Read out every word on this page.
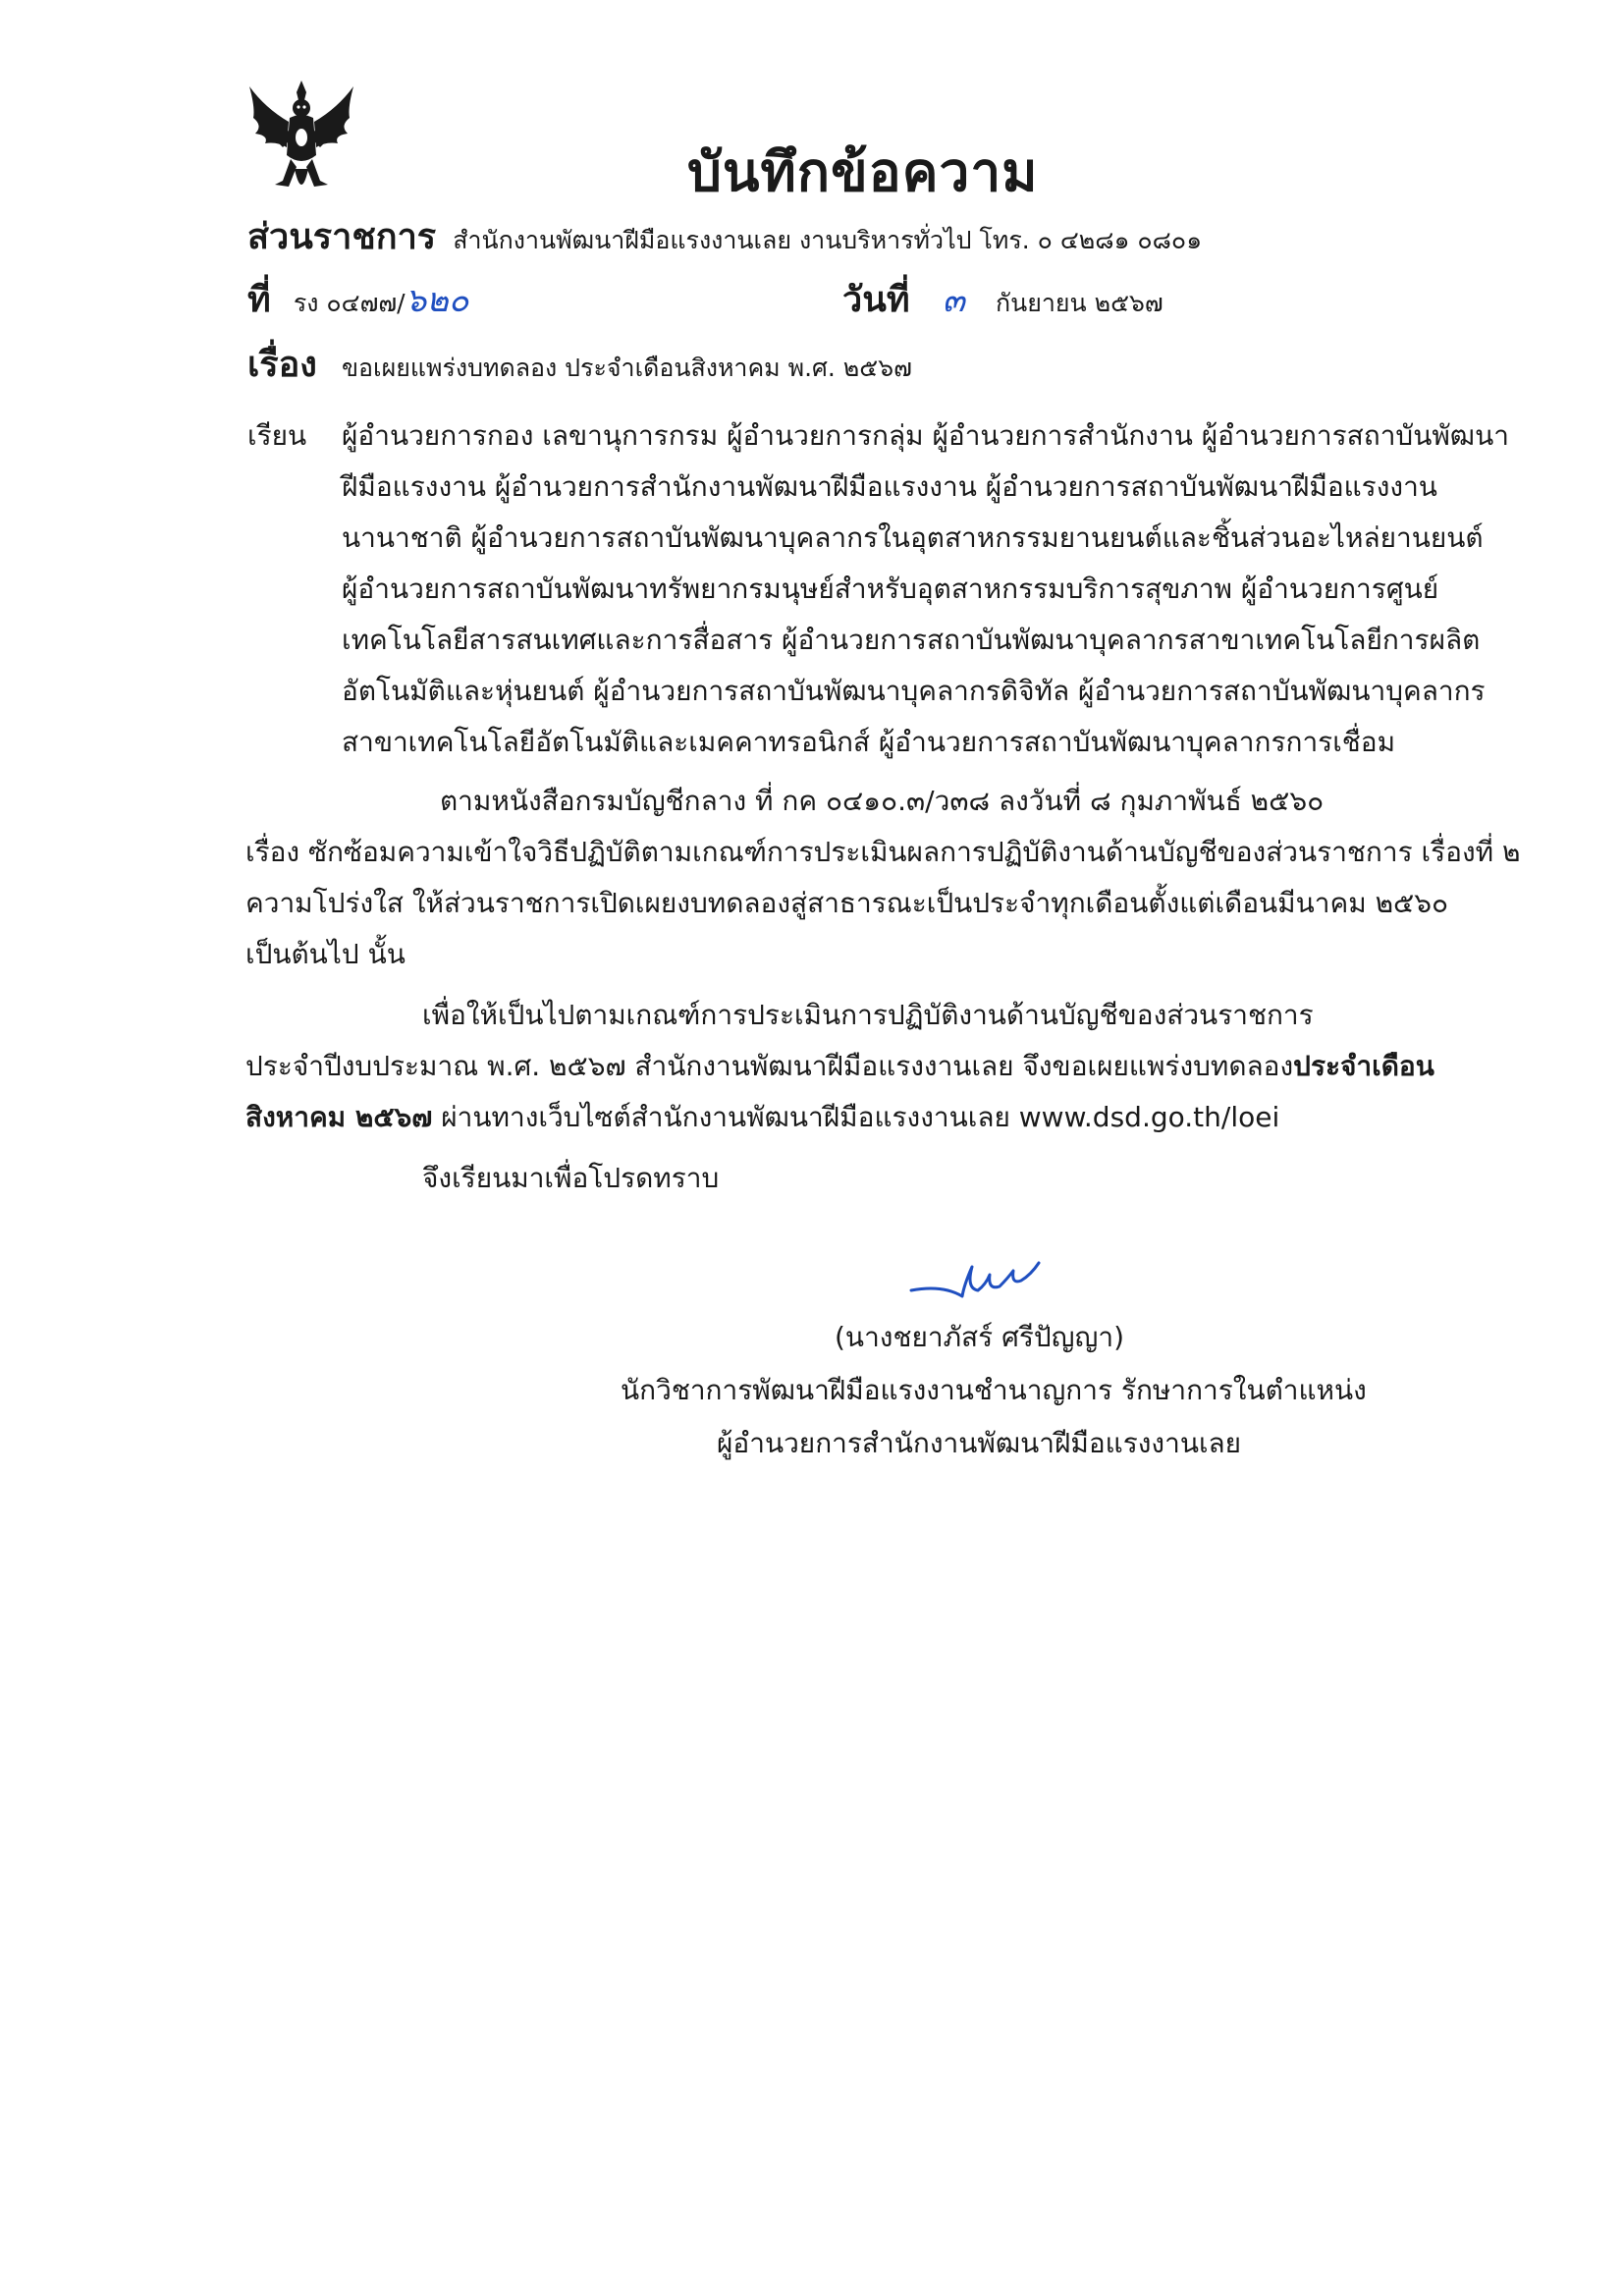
บันทึกข้อความ
ส่วนราชการ สำนักงานพัฒนาฝีมือแรงงานเลย งานบริหารทั่วไป โทร. ๐ ๔๒๘๑ ๐๘๐๑
ที่ รง ๐๔๗๗/๖๒๐	วันที่ ๓ กันยายน ๒๕๖๗
เรื่อง ขอเผยแพร่งบทดลอง ประจำเดือนสิงหาคม พ.ศ. ๒๕๖๗
เรียน ผู้อำนวยการกอง เลขานุการกรม ผู้อำนวยการกลุ่ม ผู้อำนวยการสำนักงาน ผู้อำนวยการสถาบันพัฒนา
ฝีมือแรงงาน ผู้อำนวยการสำนักงานพัฒนาฝีมือแรงงาน ผู้อำนวยการสถาบันพัฒนาฝีมือแรงงาน
นานาชาติ ผู้อำนวยการสถาบันพัฒนาบุคลากรในอุตสาหกรรมยานยนต์และชิ้นส่วนอะไหล่ยานยนต์
ผู้อำนวยการสถาบันพัฒนาทรัพยากรมนุษย์สำหรับอุตสาหกรรมบริการสุขภาพ ผู้อำนวยการศูนย์
เทคโนโลยีสารสนเทศและการสื่อสาร ผู้อำนวยการสถาบันพัฒนาบุคลากรสาขาเทคโนโลยีการผลิต
อัตโนมัติและหุ่นยนต์ ผู้อำนวยการสถาบันพัฒนาบุคลากรดิจิทัล ผู้อำนวยการสถาบันพัฒนาบุคลากร
สาขาเทคโนโลยีอัตโนมัติและเมคคาทรอนิกส์ ผู้อำนวยการสถาบันพัฒนาบุคลากรการเชื่อม
ตามหนังสือกรมบัญชีกลาง ที่ กค ๐๔๑๐.๓/ว๓๘ ลงวันที่ ๘ กุมภาพันธ์ ๒๕๖๐
เรื่อง ซักซ้อมความเข้าใจวิธีปฏิบัติตามเกณฑ์การประเมินผลการปฏิบัติงานด้านบัญชีของส่วนราชการ เรื่องที่ ๒
ความโปร่งใส ให้ส่วนราชการเปิดเผยงบทดลองสู่สาธารณะเป็นประจำทุกเดือนตั้งแต่เดือนมีนาคม ๒๕๖๐
เป็นต้นไป นั้น
เพื่อให้เป็นไปตามเกณฑ์การประเมินการปฏิบัติงานด้านบัญชีของส่วนราชการ
ประจำปีงบประมาณ พ.ศ. ๒๕๖๗ สำนักงานพัฒนาฝีมือแรงงานเลย จึงขอเผยแพร่งบทดลองประจำเดือน
สิงหาคม ๒๕๖๗ ผ่านทางเว็บไซต์สำนักงานพัฒนาฝีมือแรงงานเลย www.dsd.go.th/loei
จึงเรียนมาเพื่อโปรดทราบ
(นางชยาภัสร์ ศรีปัญญา)
นักวิชาการพัฒนาฝีมือแรงงานชำนาญการ รักษาการในตำแหน่ง
ผู้อำนวยการสำนักงานพัฒนาฝีมือแรงงานเลย
